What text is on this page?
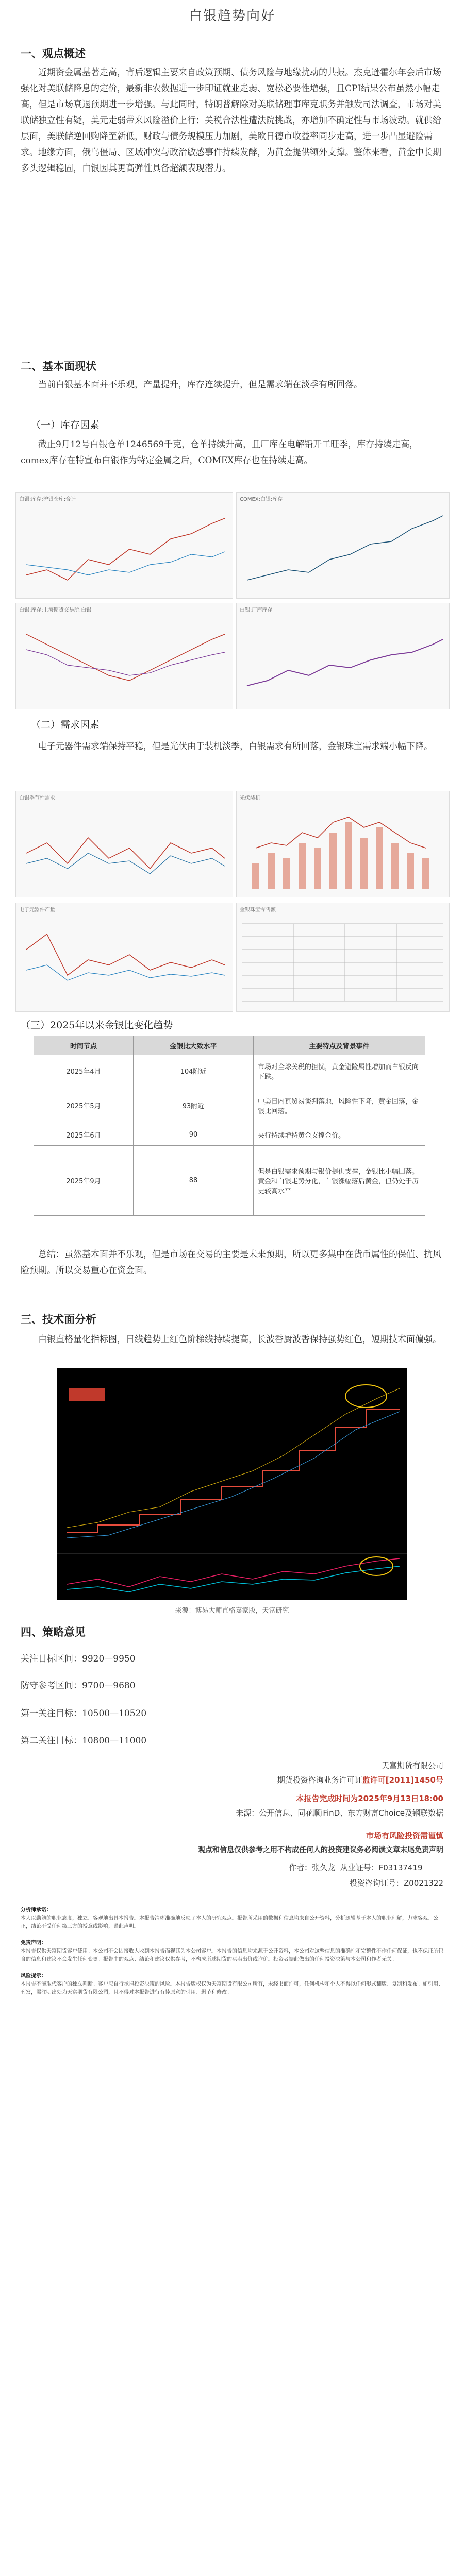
白银趋势向好
一、观点概述

近期资金属基著走高，背后逻辑主要来自政策预期、债务风险与地缘扰动的共振。杰克逊霍尔年会后市场强化对美联储降息的定价，最新非农数据进一步印证就业走弱、宽松必要性增强，且CPI结果公布虽然小幅走高，但是市场衰退预期进一步增强。与此同时，特朗普解除对美联储理事库克职务并触发司法调查，市场对美联储独立性有疑，美元走弱带来风险溢价上行；关税合法性遭法院挑战，亦增加不确定性与市场波动。就供给层面，美联储逆回购降至新低，财政与债务规模压力加剧，美欧日德市收益率同步走高，进一步凸显避险需求。地缘方面，俄乌僵局、区域冲突与政治敏感事件持续发酵，为黄金提供额外支撑。整体来看，黄金中长期多头逻辑稳固，白银因其更高弹性具备超额表现潜力。

二、基本面现状

当前白银基本面并不乐观，产量提升，库存连续提升，但是需求端在淡季有所回落。

（一）库存因素

截止9月12号白银仓单1246569千克，仓单持续升高，且厂库在电解铅开工旺季，库存持续走高，comex库存在特宣布白银作为特定金属之后，COMEX库存也在持续走高。

白银:库存:沪银仓库:合计	COMEX:白银:库存
白银:库存:上海期货交易所:白银	白银:厂库库存
（二）需求因素

电子元器件需求端保持平稳，但是光伏由于装机淡季，白银需求有所回落，金银珠宝需求端小幅下降。

白银季节性需求	光伏装机
电子元器件产量	金银珠宝零售额
（三）2025年以来金银比变化趋势
时间节点	金银比大致水平	主要特点及背景事件
2025年4月	104附近	市场对全球关税的担忧，黄金避险属性增加而白银反向下跌。
2025年5月	93附近	中美日内瓦贸易谈判落地，风险性下降，黄金回落，金银比回落。
2025年6月	90	央行持续增持黄金支撑金价。
2025年9月	88	但是白银需求预期与银价提供支撑，金银比小幅回落。黄金和白银走势分化，白银涨幅落后黄金，但仍处于历史较高水平

总结：虽然基本面并不乐观，但是市场在交易的主要是未来预期，所以更多集中在货币属性的保值、抗风险预期。所以交易重心在资金面。

三、技术面分析

白银直格量化指标图，日线趋势上红色阶梯线持续提高，长波香厨波香保持强势红色，短期技术面偏强。

来源：博易大师直格嘉家版，天富研究
四、策略意见
关注目标区间：9920—9950
防守参考区间：9700—9680
第一关注目标：10500—10520
第二关注目标：10800—11000
天富期货有限公司
期货投资咨询业务许可证监许可[2011]1450号
本报告完成时间为2025年9月13日18:00
来源：公开信息、同花顺iFinD、东方财富Choice及钢联数据
市场有风险投资需谨慎
观点和信息仅供参考之用不构成任何人的投资建议务必阅读文章末尾免责声明
作者：张久龙 从业证号：F03137419
投资咨询证号：Z0021322
分析师承诺：
本人以勤勉的职业态度，独立、客观地出具本报告。本报告清晰准确地反映了本人的研究观点。报告所采用的数据和信息均来自公开资料，分析逻辑基于本人的职业理解，力求客观、公正，结论不受任何第三方的授意或影响，谨此声明。

免责声明：
本报告仅供天富期货客户使用。本公司不会因接收人收到本报告而视其为本公司客户。本报告的信息均来源于公开资料，本公司对这些信息的准确性和完整性不作任何保证，也不保证所包含的信息和建议不会发生任何变更。报告中的观点、结论和建议仅供参考，不构成所述期货的买卖出价或询价。投资者据此做出的任何投资决策与本公司和作者无关。

风险提示：
本报告不能取代客户的独立判断。客户应自行承担投资决策的风险。本报告版权仅为天富期货有限公司所有，未经书面许可，任何机构和个人不得以任何形式翻版、复制和发布。如引用、刊发，需注明出处为天富期货有限公司，且不得对本报告进行有悖原意的引用、删节和修改。
